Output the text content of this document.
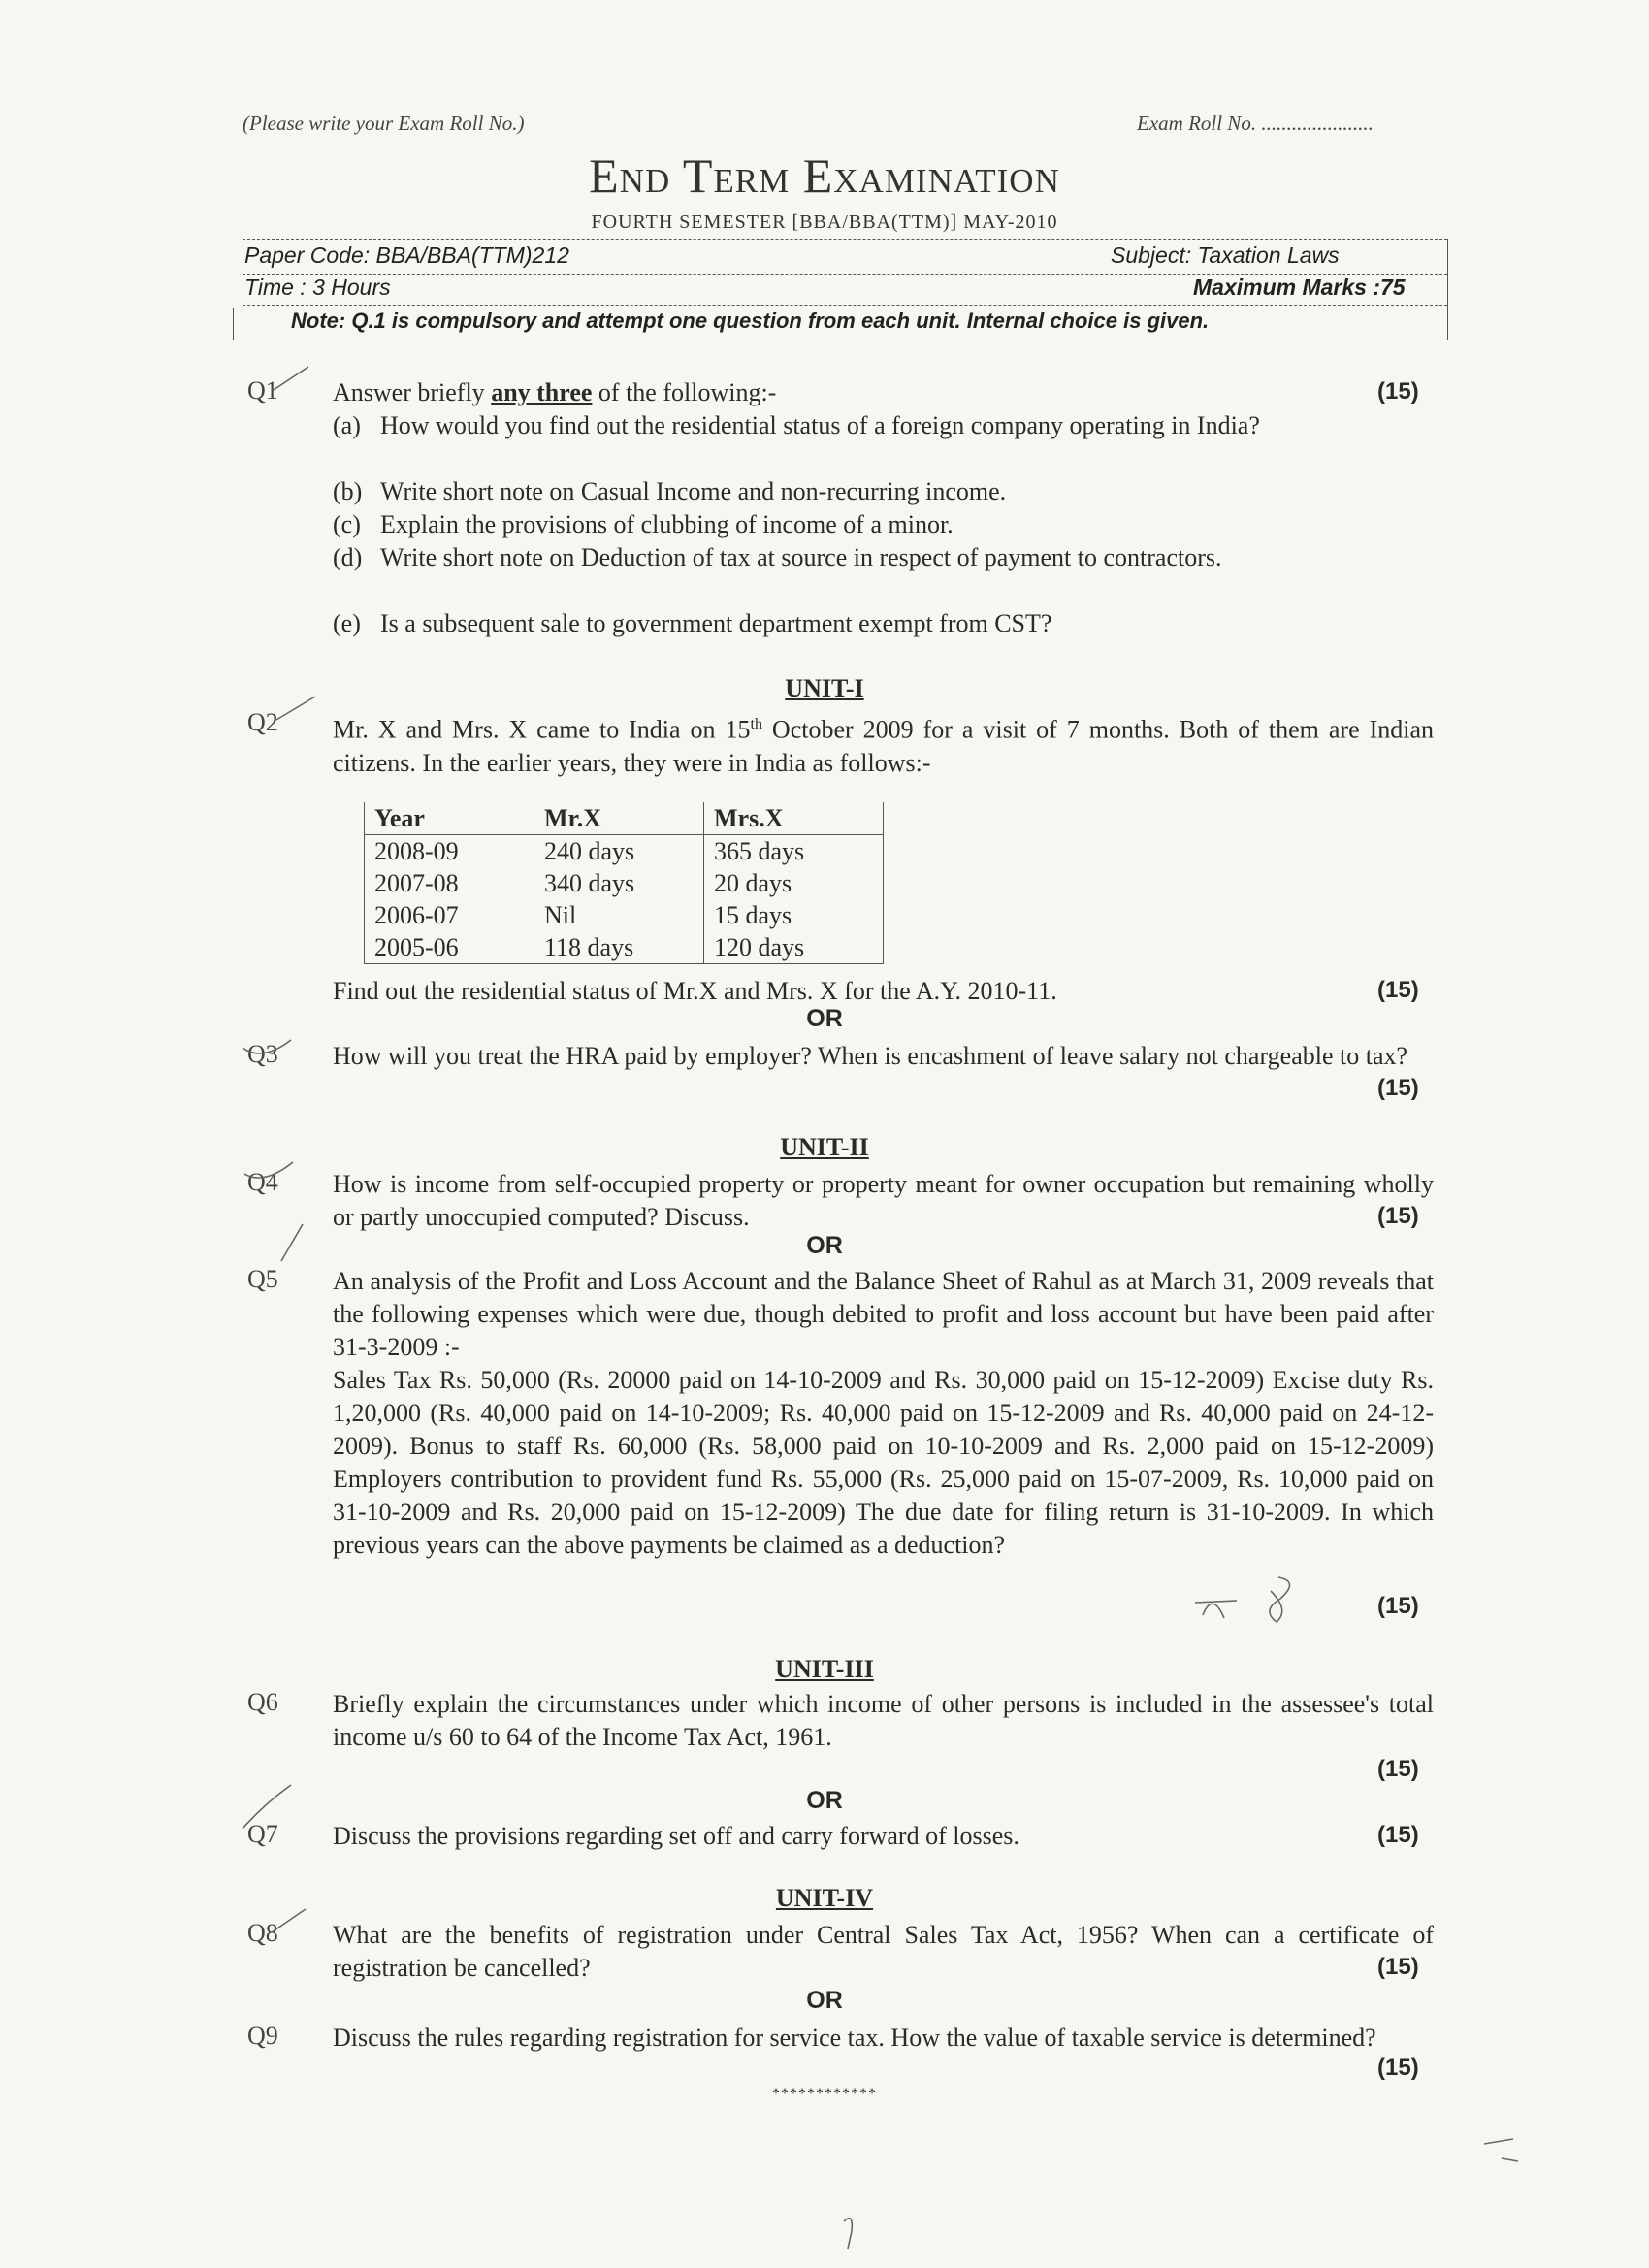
(Please write your Exam Roll No.)	Exam Roll No. ......................
End Term Examination
FOURTH SEMESTER [BBA/BBA(TTM)] MAY-2010
Paper Code: BBA/BBA(TTM)212	Subject: Taxation Laws
Time : 3 Hours	Maximum Marks :75
Note: Q.1 is compulsory and attempt one question from each unit. Internal choice is given.
Q1 Answer briefly any three of the following:-	(15)
(a) How would you find out the residential status of a foreign company operating in India?
(b) Write short note on Casual Income and non-recurring income.
(c) Explain the provisions of clubbing of income of a minor.
(d) Write short note on Deduction of tax at source in respect of payment to contractors.
(e) Is a subsequent sale to government department exempt from CST?
UNIT-I
Q2 Mr. X and Mrs. X came to India on 15th October 2009 for a visit of 7 months. Both of them are Indian citizens. In the earlier years, they were in India as follows:-
Year	Mr.X	Mrs.X
2008-09	240 days	365 days
2007-08	340 days	20 days
2006-07	Nil	15 days
2005-06	118 days	120 days
Find out the residential status of Mr.X and Mrs. X for the A.Y. 2010-11.	(15)
OR
Q3 How will you treat the HRA paid by employer? When is encashment of leave salary not chargeable to tax?
(15)
UNIT-II
Q4 How is income from self-occupied property or property meant for owner occupation but remaining wholly or partly unoccupied computed? Discuss.	(15)
OR
Q5 An analysis of the Profit and Loss Account and the Balance Sheet of Rahul as at March 31, 2009 reveals that the following expenses which were due, though debited to profit and loss account but have been paid after 31-3-2009 :-
Sales Tax Rs. 50,000 (Rs. 20000 paid on 14-10-2009 and Rs. 30,000 paid on 15-12-2009) Excise duty Rs. 1,20,000 (Rs. 40,000 paid on 14-10-2009; Rs. 40,000 paid on 15-12-2009 and Rs. 40,000 paid on 24-12-2009). Bonus to staff Rs. 60,000 (Rs. 58,000 paid on 10-10-2009 and Rs. 2,000 paid on 15-12-2009) Employers contribution to provident fund Rs. 55,000 (Rs. 25,000 paid on 15-07-2009, Rs. 10,000 paid on 31-10-2009 and Rs. 20,000 paid on 15-12-2009) The due date for filing return is 31-10-2009. In which previous years can the above payments be claimed as a deduction?
(15)
UNIT-III
Q6 Briefly explain the circumstances under which income of other persons is included in the assessee's total income u/s 60 to 64 of the Income Tax Act, 1961.
(15)
OR
Q7 Discuss the provisions regarding set off and carry forward of losses.	(15)
UNIT-IV
Q8 What are the benefits of registration under Central Sales Tax Act, 1956? When can a certificate of registration be cancelled?	(15)
OR
Q9 Discuss the rules regarding registration for service tax. How the value of taxable service is determined?
(15)
************
